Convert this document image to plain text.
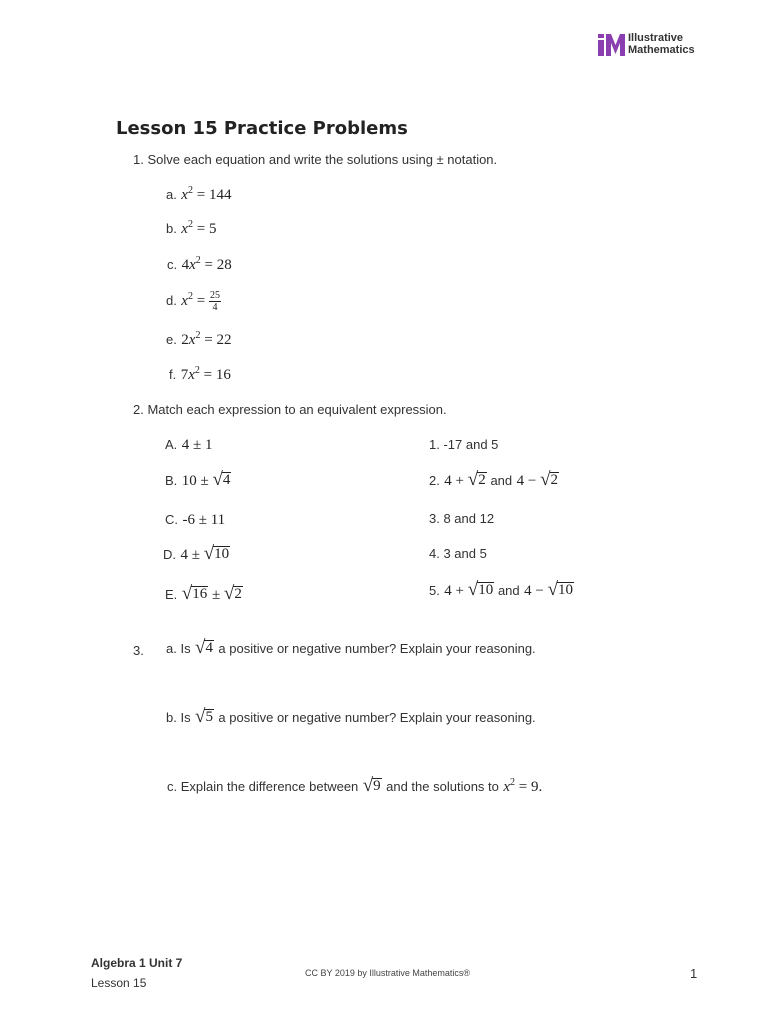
Illustrative
Mathematics
Lesson 15 Practice Problems
1. Solve each equation and write the solutions using ± notation.
a. $x^2 = 144$
b. $x^2 = 5$
c. $4x^2 = 28$
d. $x^2 = \frac{25}{4}$
e. $2x^2 = 22$
f. $7x^2 = 16$
2. Match each expression to an equivalent expression.
A. 4 ± 1
B. 10 ± √ 4
C. -6 ± 11
D. 4 ± √ 10
E. √ 16 ± √ 2
1. -17 and 5
2. 4 + √ 2 and 4 − √ 2
3. 8 and 12
4. 3 and 5
5. 4 + √ 10 and 4 − √ 10
3. a. Is √ 4 a positive or negative number? Explain your reasoning.
b. Is √ 5 a positive or negative number? Explain your reasoning.
c. Explain the difference between √ 9 and the solutions to $x^2 = 9$.
Algebra 1 Unit 7
Lesson 15
CC BY 2019 by Illustrative Mathematics®	1
